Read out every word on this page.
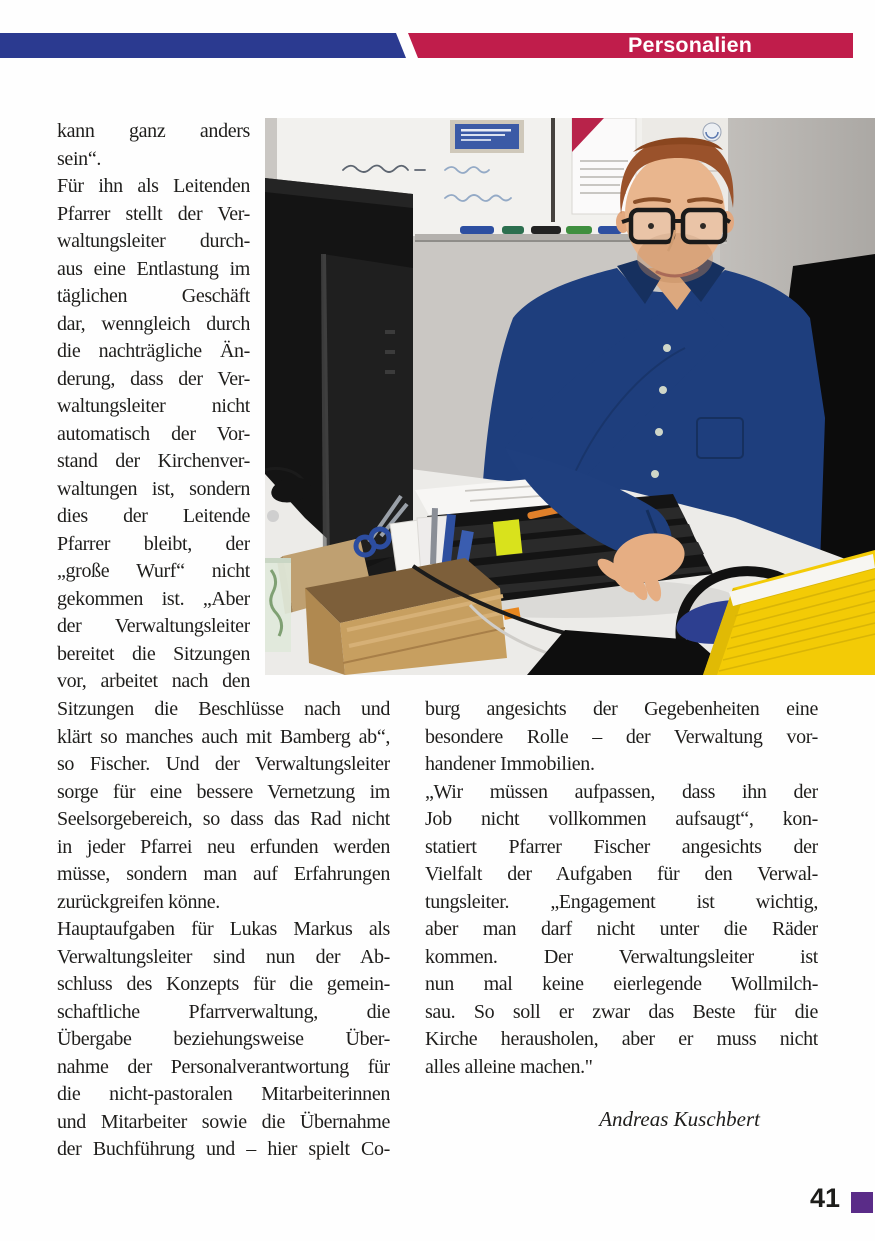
Personalien
kann ganz anders
sein“.
Für ihn als Leitenden
Pfarrer stellt der Ver-
waltungsleiter durch-
aus eine Entlastung im
täglichen Geschäft
dar, wenngleich durch
die nachträgliche Än-
derung, dass der Ver-
waltungsleiter nicht
automatisch der Vor-
stand der Kirchenver-
waltungen ist, sondern
dies der Leitende
Pfarrer bleibt, der
„große Wurf“ nicht
gekommen ist. „Aber
der Verwaltungsleiter
bereitet die Sitzungen
vor, arbeitet nach den
Sitzungen die Beschlüsse nach und
klärt so manches auch mit Bamberg ab“,
so Fischer. Und der Verwaltungsleiter
sorge für eine bessere Vernetzung im
Seelsorgebereich, so dass das Rad nicht
in jeder Pfarrei neu erfunden werden
müsse, sondern man auf Erfahrungen
zurückgreifen könne.
Hauptaufgaben für Lukas Markus als
Verwaltungsleiter sind nun der Ab-
schluss des Konzepts für die gemein-
schaftliche Pfarrverwaltung, die
Übergabe beziehungsweise Über-
nahme der Personalverantwortung für
die nicht-pastoralen Mitarbeiterinnen
und Mitarbeiter sowie die Übernahme
der Buchführung und – hier spielt Co-
burg angesichts der Gegebenheiten eine
besondere Rolle – der Verwaltung vor-
handener Immobilien.
„Wir müssen aufpassen, dass ihn der
Job nicht vollkommen aufsaugt“, kon-
statiert Pfarrer Fischer angesichts der
Vielfalt der Aufgaben für den Verwal-
tungsleiter. „Engagement ist wichtig,
aber man darf nicht unter die Räder
kommen. Der Verwaltungsleiter ist
nun mal keine eierlegende Wollmilch-
sau. So soll er zwar das Beste für die
Kirche herausholen, aber er muss nicht
alles alleine machen."
Andreas Kuschbert
41
